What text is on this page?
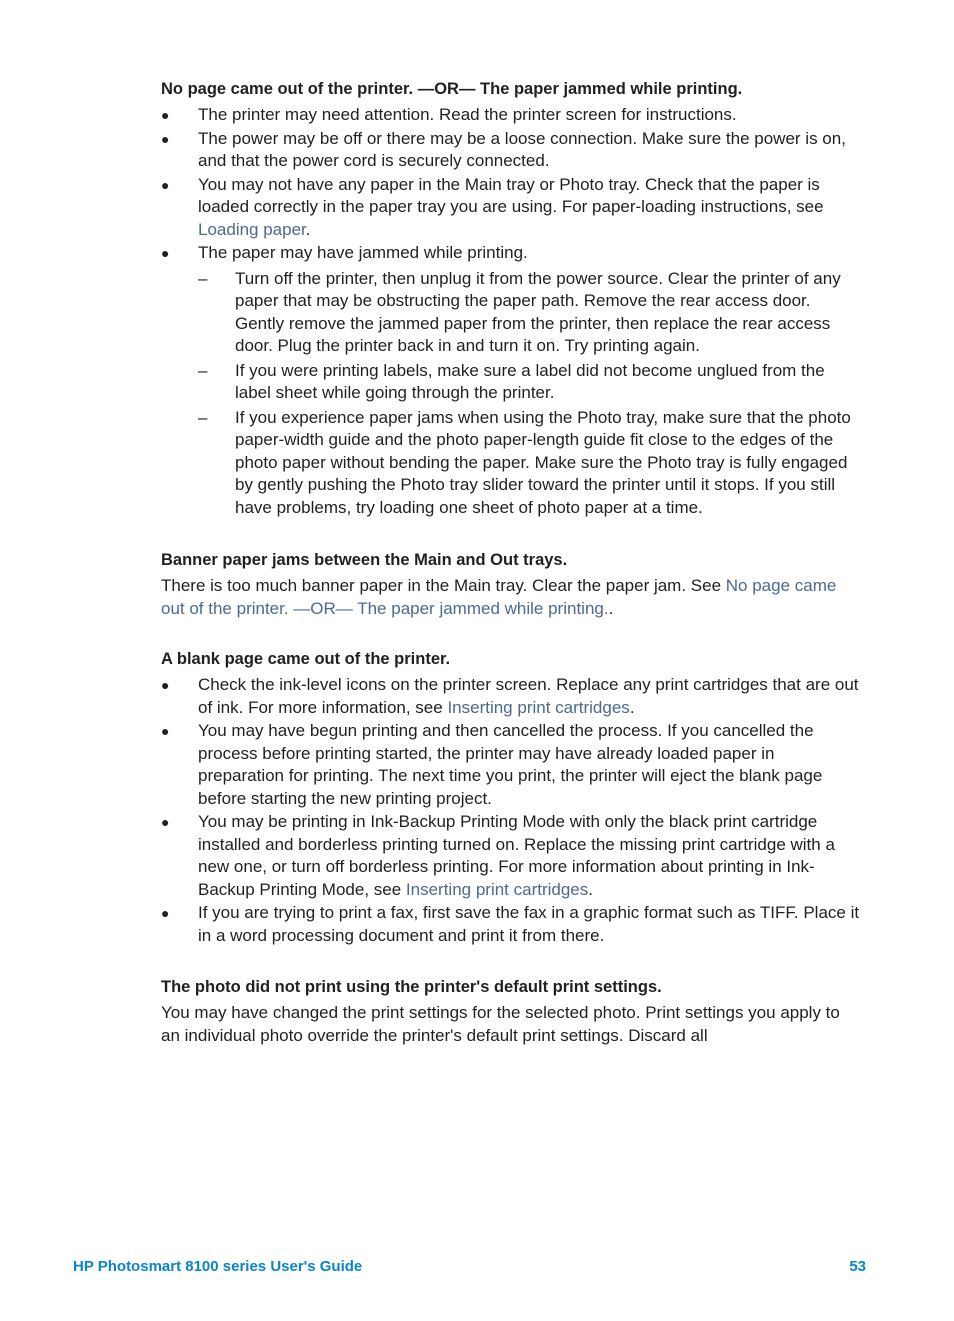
No page came out of the printer. —OR— The paper jammed while printing.
● The printer may need attention. Read the printer screen for instructions.
● The power may be off or there may be a loose connection. Make sure the power is on, and that the power cord is securely connected.
● You may not have any paper in the Main tray or Photo tray. Check that the paper is loaded correctly in the paper tray you are using. For paper-loading instructions, see Loading paper.
● The paper may have jammed while printing.
– Turn off the printer, then unplug it from the power source. Clear the printer of any paper that may be obstructing the paper path. Remove the rear access door. Gently remove the jammed paper from the printer, then replace the rear access door. Plug the printer back in and turn it on. Try printing again.
– If you were printing labels, make sure a label did not become unglued from the label sheet while going through the printer.
– If you experience paper jams when using the Photo tray, make sure that the photo paper-width guide and the photo paper-length guide fit close to the edges of the photo paper without bending the paper. Make sure the Photo tray is fully engaged by gently pushing the Photo tray slider toward the printer until it stops. If you still have problems, try loading one sheet of photo paper at a time.
Banner paper jams between the Main and Out trays.

There is too much banner paper in the Main tray. Clear the paper jam. See No page came out of the printer. —OR— The paper jammed while printing..

A blank page came out of the printer.
● Check the ink-level icons on the printer screen. Replace any print cartridges that are out of ink. For more information, see Inserting print cartridges.
● You may have begun printing and then cancelled the process. If you cancelled the process before printing started, the printer may have already loaded paper in preparation for printing. The next time you print, the printer will eject the blank page before starting the new printing project.
● You may be printing in Ink-Backup Printing Mode with only the black print cartridge installed and borderless printing turned on. Replace the missing print cartridge with a new one, or turn off borderless printing. For more information about printing in Ink-Backup Printing Mode, see Inserting print cartridges.
● If you are trying to print a fax, first save the fax in a graphic format such as TIFF. Place it in a word processing document and print it from there.
The photo did not print using the printer's default print settings.

You may have changed the print settings for the selected photo. Print settings you apply to an individual photo override the printer's default print settings. Discard all

HP Photosmart 8100 series User's Guide	53
